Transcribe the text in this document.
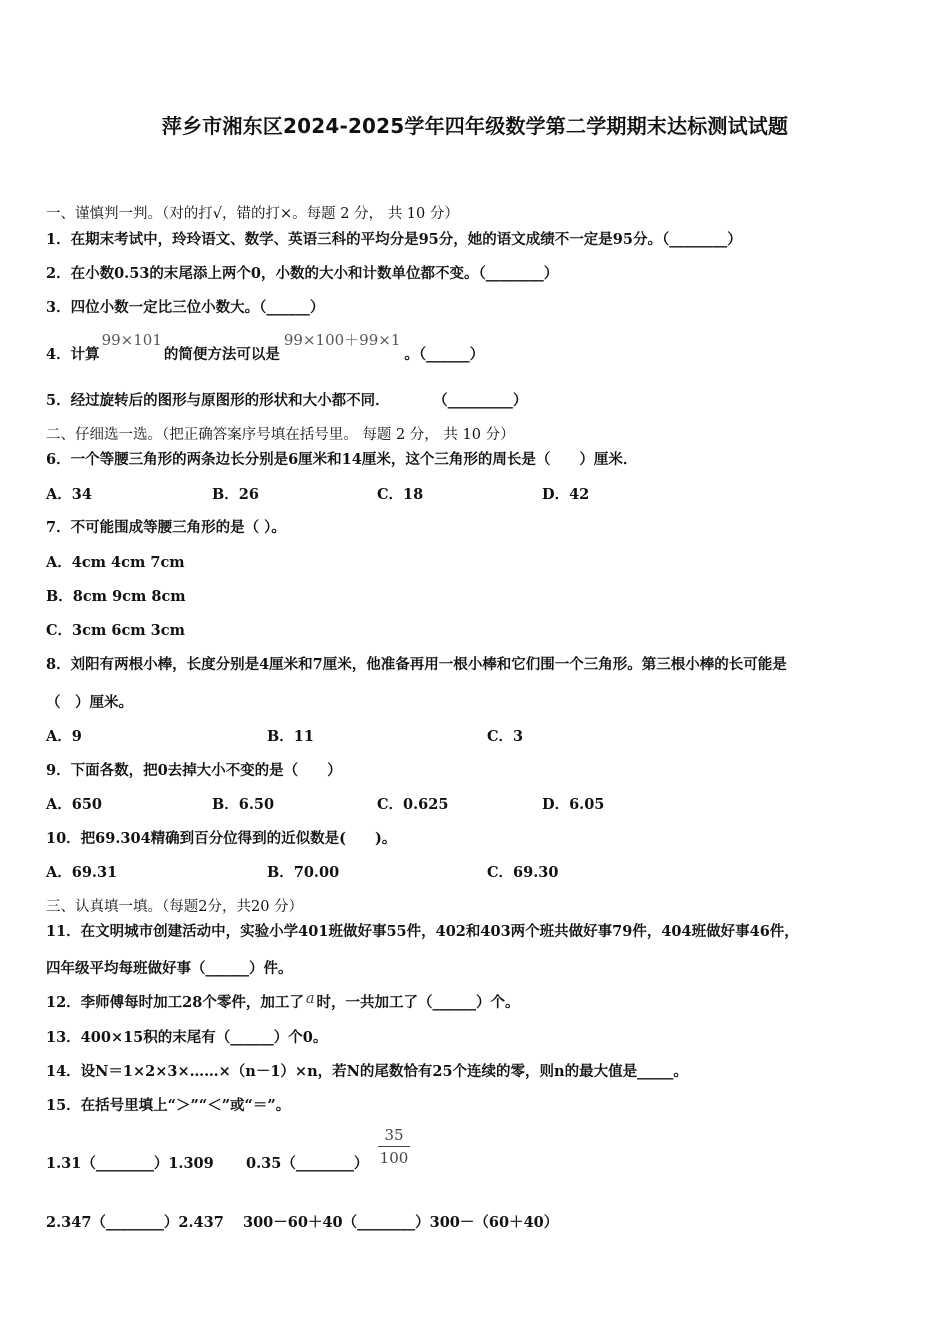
萍乡市湘东区2024-2025学年四年级数学第二学期期末达标测试试题
一、谨慎判一判。（对的打√，错的打×。每题 2 分， 共 10 分）
1．在期末考试中，玲玲语文、数学、英语三科的平均分是95分，她的语文成绩不一定是95分。（________）
2．在小数0.53的末尾添上两个0，小数的大小和计数单位都不变。（________）
3．四位小数一定比三位小数大。（______）
4．计算99×101的简便方法可以是99×100＋99×1。（______）
5．经过旋转后的图形与原图形的形状和大小都不同．　　　　（_________）
二、仔细选一选。（把正确答案序号填在括号里。 每题 2 分， 共 10 分）
6．一个等腰三角形的两条边长分别是6厘米和14厘米，这个三角形的周长是（　　）厘米．
A．34	B．26	C．18	D．42
7．不可能围成等腰三角形的是（ ）。
A．4cm 4cm 7cm
B．8cm 9cm 8cm
C．3cm 6cm 3cm
8．刘阳有两根小棒，长度分别是4厘米和7厘米，他准备再用一根小棒和它们围一个三角形。第三根小棒的长可能是
（　）厘米。
A．9	B．11	C．3
9．下面各数，把0去掉大小不变的是（　　）
A．650	B．6.50	C．0.625	D．6.05
10．把69.304精确到百分位得到的近似数是(　　)。
A．69.31	B．70.00	C．69.30
三、认真填一填。（每题2分，共20 分）
11．在文明城市创建活动中，实验小学401班做好事55件，402和403两个班共做好事79件，404班做好事46件，
四年级平均每班做好事（______）件。
12．李师傅每时加工28个零件，加工了 a 时，一共加工了（______）个。
13．400×15积的末尾有（______）个0。
14．设N＝1×2×3×……×（n－1）×n，若N的尾数恰有25个连续的零，则n的最大值是_____。
15．在括号里填上“＞”“＜”或“＝”。
1.31（________）1.309 0.35（________） $\frac{35}{100}$
2.347（________）2.437 300－60＋40（________）300－（60＋40）
